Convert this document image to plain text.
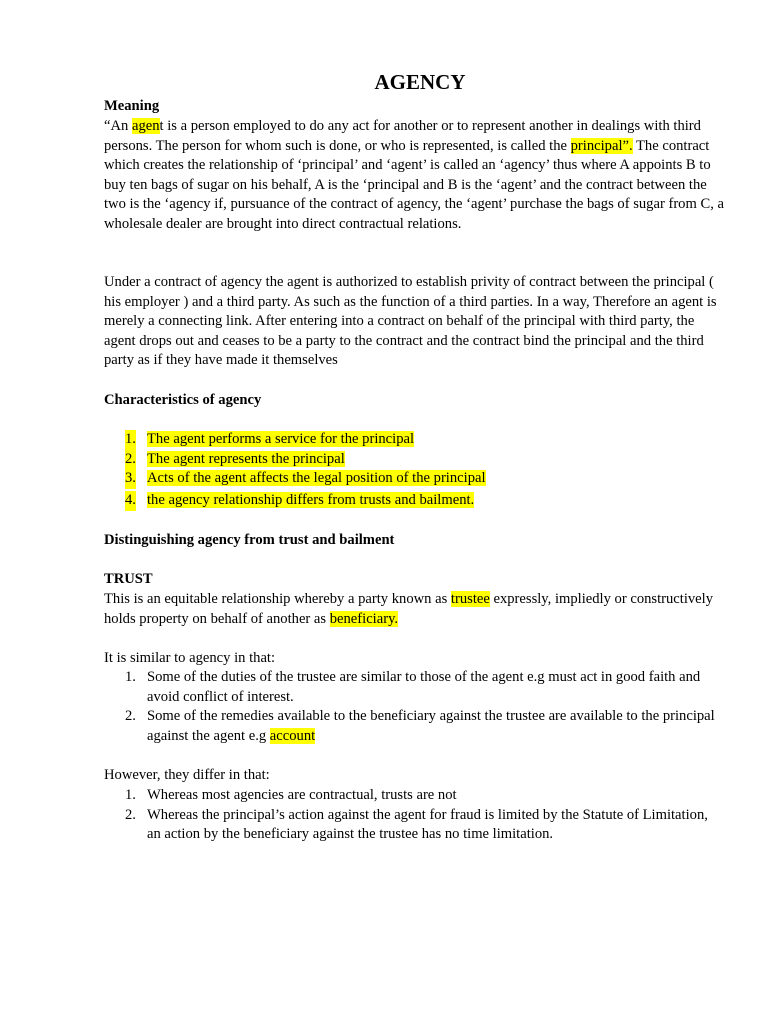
AGENCY
Meaning

“An agent is a person employed to do any act for another or to represent another in dealings with third persons. The person for whom such is done, or who is represented, is called the principal”. The contract which creates the relationship of ‘principal’ and ‘agent’ is called an ‘agency’ thus where A appoints B to buy ten bags of sugar on his behalf, A is the ‘principal and B is the ‘agent’ and the contract between the two is the ‘agency if, pursuance of the contract of agency, the ‘agent’ purchase the bags of sugar from C, a wholesale dealer are brought into direct contractual relations.

Under a contract of agency the agent is authorized to establish privity of contract between the principal ( his employer ) and a third party. As such as the function of a third parties. In a way, Therefore an agent is merely a connecting link. After entering into a contract on behalf of the principal with third party, the agent drops out and ceases to be a party to the contract and the contract bind the principal and the third party as if they have made it themselves

Characteristics of agency
1. The agent performs a service for the principal
2. The agent represents the principal
3. Acts of the agent affects the legal position of the principal
4. the agency relationship differs from trusts and bailment.
Distinguishing agency from trust and bailment
TRUST

This is an equitable relationship whereby a party known as trustee expressly, impliedly or constructively holds property on behalf of another as beneficiary.

It is similar to agency in that:
1. Some of the duties of the trustee are similar to those of the agent e.g must act in good faith and avoid conflict of interest.
2. Some of the remedies available to the beneficiary against the trustee are available to the principal against the agent e.g account
However, they differ in that:
1. Whereas most agencies are contractual, trusts are not
2. Whereas the principal’s action against the agent for fraud is limited by the Statute of Limitation, an action by the beneficiary against the trustee has no time limitation.
